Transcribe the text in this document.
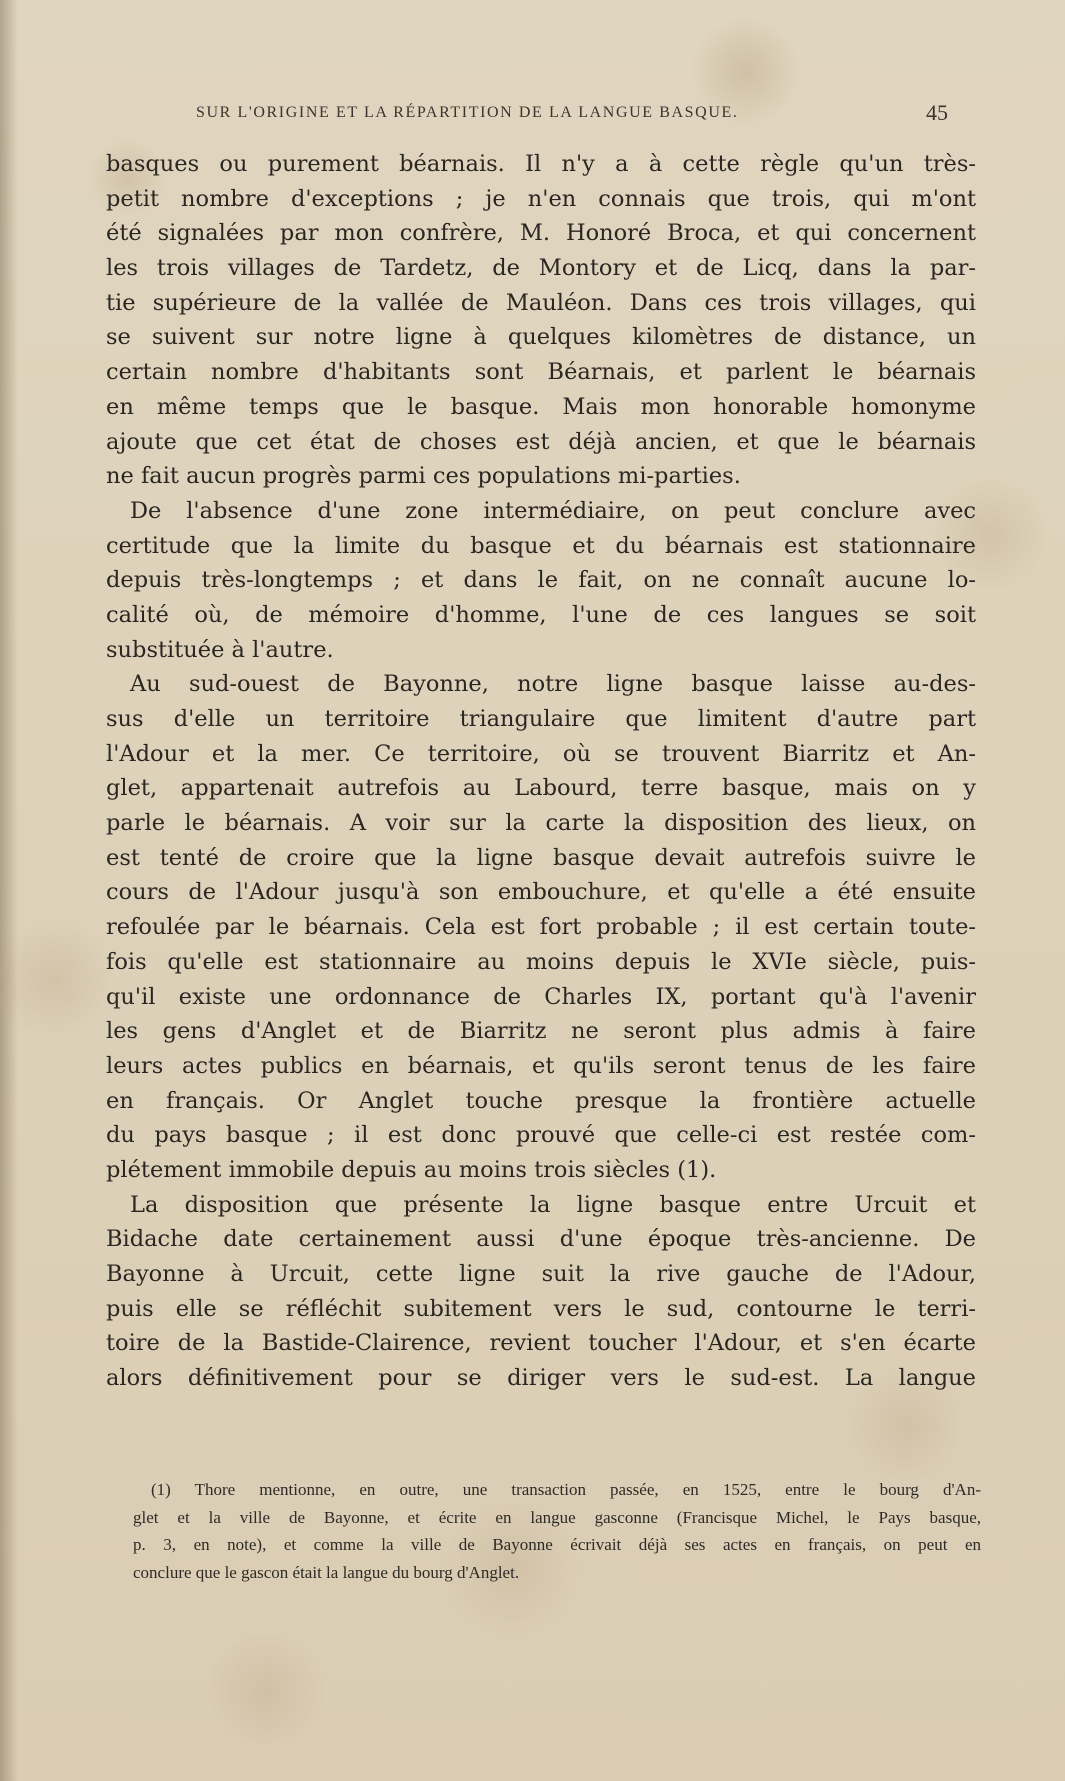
SUR L'ORIGINE ET LA RÉPARTITION DE LA LANGUE BASQUE.	45
basques ou purement béarnais. Il n'y a à cette règle qu'un très-
petit nombre d'exceptions ; je n'en connais que trois, qui m'ont
été signalées par mon confrère, M. Honoré Broca, et qui concernent
les trois villages de Tardetz, de Montory et de Licq, dans la par-
tie supérieure de la vallée de Mauléon. Dans ces trois villages, qui
se suivent sur notre ligne à quelques kilomètres de distance, un
certain nombre d'habitants sont Béarnais, et parlent le béarnais
en même temps que le basque. Mais mon honorable homonyme
ajoute que cet état de choses est déjà ancien, et que le béarnais
ne fait aucun progrès parmi ces populations mi-parties.
De l'absence d'une zone intermédiaire, on peut conclure avec
certitude que la limite du basque et du béarnais est stationnaire
depuis très-longtemps ; et dans le fait, on ne connaît aucune lo-
calité où, de mémoire d'homme, l'une de ces langues se soit
substituée à l'autre.
Au sud-ouest de Bayonne, notre ligne basque laisse au-des-
sus d'elle un territoire triangulaire que limitent d'autre part
l'Adour et la mer. Ce territoire, où se trouvent Biarritz et An-
glet, appartenait autrefois au Labourd, terre basque, mais on y
parle le béarnais. A voir sur la carte la disposition des lieux, on
est tenté de croire que la ligne basque devait autrefois suivre le
cours de l'Adour jusqu'à son embouchure, et qu'elle a été ensuite
refoulée par le béarnais. Cela est fort probable ; il est certain toute-
fois qu'elle est stationnaire au moins depuis le XVIe siècle, puis-
qu'il existe une ordonnance de Charles IX, portant qu'à l'avenir
les gens d'Anglet et de Biarritz ne seront plus admis à faire
leurs actes publics en béarnais, et qu'ils seront tenus de les faire
en français. Or Anglet touche presque la frontière actuelle
du pays basque ; il est donc prouvé que celle-ci est restée com-
plétement immobile depuis au moins trois siècles (1).
La disposition que présente la ligne basque entre Urcuit et
Bidache date certainement aussi d'une époque très-ancienne. De
Bayonne à Urcuit, cette ligne suit la rive gauche de l'Adour,
puis elle se réfléchit subitement vers le sud, contourne le terri-
toire de la Bastide-Clairence, revient toucher l'Adour, et s'en écarte
alors définitivement pour se diriger vers le sud-est. La langue
(1) Thore mentionne, en outre, une transaction passée, en 1525, entre le bourg d'An-
glet et la ville de Bayonne, et écrite en langue gasconne (Francisque Michel, le Pays basque,
p. 3, en note), et comme la ville de Bayonne écrivait déjà ses actes en français, on peut en
conclure que le gascon était la langue du bourg d'Anglet.
